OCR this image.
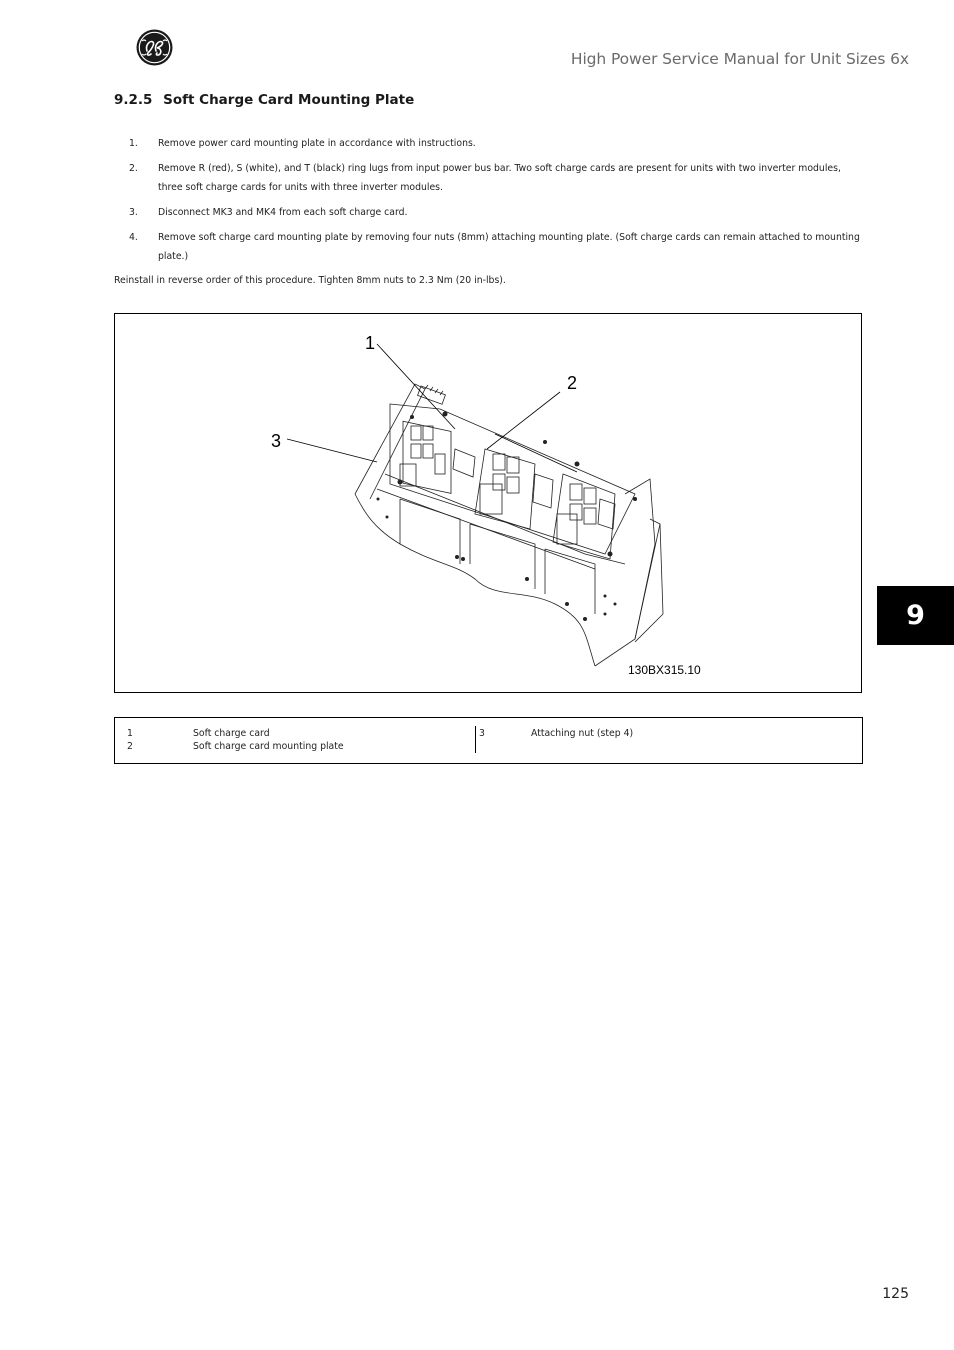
High Power Service Manual for Unit Sizes 6x
9.2.5 Soft Charge Card Mounting Plate
1. Remove power card mounting plate in accordance with instructions.
2. Remove R (red), S (white), and T (black) ring lugs from input power bus bar. Two soft charge cards are present for units with two inverter modules, three soft charge cards for units with three inverter modules.
3. Disconnect MK3 and MK4 from each soft charge card.
4. Remove soft charge card mounting plate by removing four nuts (8mm) attaching mounting plate. (Soft charge cards can remain attached to mounting plate.)

Reinstall in reverse order of this procedure. Tighten 8mm nuts to 2.3 Nm (20 in-lbs).

1
2
3
130BX315.10
1	Soft charge card
2	Soft charge card mounting plate
3	Attaching nut (step 4)
9
125
